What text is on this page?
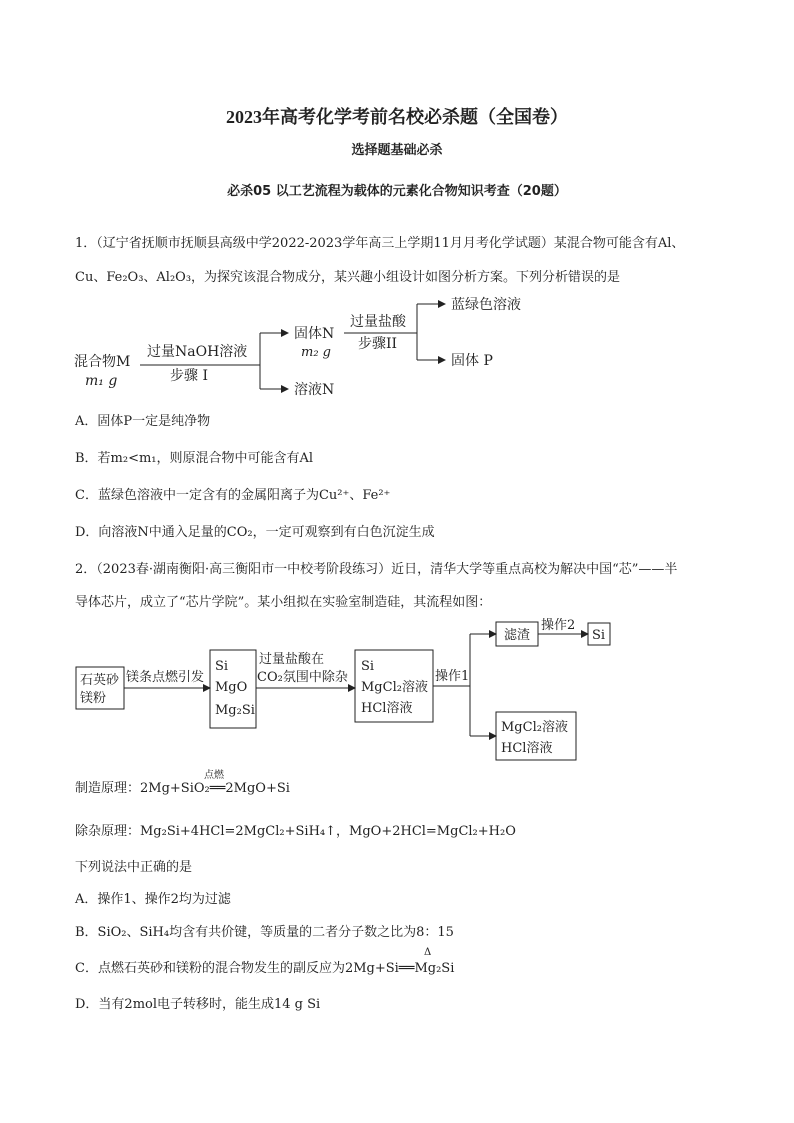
2023年高考化学考前名校必杀题（全国卷）
选择题基础必杀
必杀05 以工艺流程为载体的元素化合物知识考查（20题）
1．（辽宁省抚顺市抚顺县高级中学2022-2023学年高三上学期11月月考化学试题）某混合物可能含有Al、
Cu、Fe₂O₃、Al₂O₃，为探究该混合物成分，某兴趣小组设计如图分析方案。下列分析错误的是
混合物M
m₁ g
过量NaOH溶液
步骤 I
固体N
m₂ g
溶液N
过量盐酸
步骤II
蓝绿色溶液
固体 P
A．固体P一定是纯净物
B．若m₂<m₁，则原混合物中可能含有Al
C．蓝绿色溶液中一定含有的金属阳离子为Cu²⁺、Fe²⁺
D．向溶液N中通入足量的CO₂，一定可观察到有白色沉淀生成
2．（2023春·湖南衡阳·高三衡阳市一中校考阶段练习）近日，清华大学等重点高校为解决中国“芯”——半
导体芯片，成立了“芯片学院”。某小组拟在实验室制造硅，其流程如图：
石英砂
镁粉
镁条点燃引发
Si
MgO
Mg₂Si
过量盐酸在
CO₂氛围中除杂
Si
MgCl₂溶液
HCl溶液
操作1
滤渣
操作2
Si
MgCl₂溶液
HCl溶液
点燃
制造原理：2Mg+SiO₂══2MgO+Si
除杂原理：Mg₂Si+4HCl=2MgCl₂+SiH₄↑，MgO+2HCl=MgCl₂+H₂O
下列说法中正确的是
A．操作1、操作2均为过滤
B．SiO₂、SiH₄均含有共价键，等质量的二者分子数之比为8：15
Δ
C．点燃石英砂和镁粉的混合物发生的副反应为2Mg+Si══Mg₂Si
D．当有2mol电子转移时，能生成14 g Si
